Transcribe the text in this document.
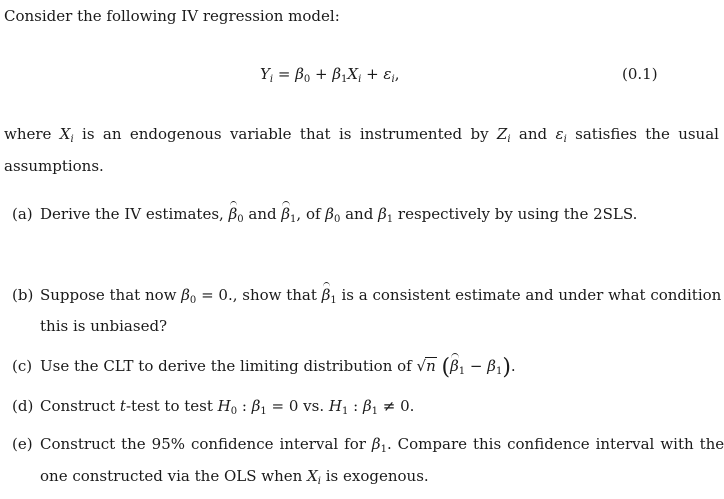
Consider the following IV regression model:
$Y_i = \beta_0 + \beta_1X_i + \varepsilon_i$,	(0.1)
where $X_i$ is an endogenous variable that is instrumented by $Z_i$ and $\varepsilon_i$ satisfies the usual
assumptions.
(a) Derive the IV estimates, $\beta_0$ and $\beta_1$, of $\beta_0$ and $\beta_1$ respectively by using the 2SLS.
(b) Suppose that now $\beta_0 = 0$., show that $\beta_1$ is a consistent estimate and under what condition
this is unbiased?
(c) Use the CLT to derive the limiting distribution of √n $(\beta_1 - \beta_1)$.
(d) Construct t-test to test $H_0$ : $\beta_1 = 0$ vs. $H_1$ : $\beta_1 \ne 0$.
(e) Construct the 95% confidence interval for $\beta_1$. Compare this confidence interval with the
one constructed via the OLS when $X_i$ is exogenous.
